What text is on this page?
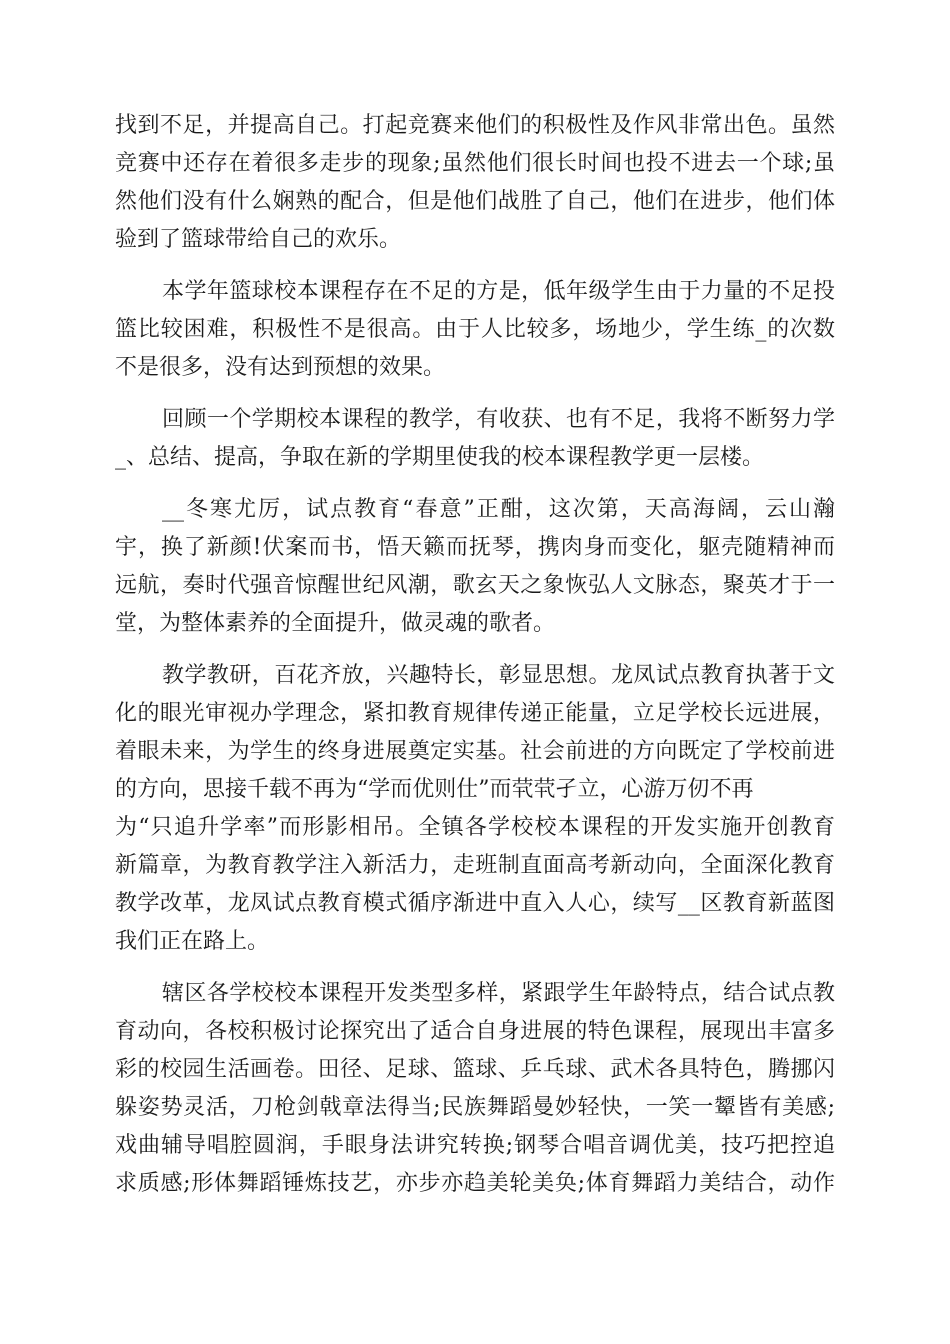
找到不足，并提高自己。打起竞赛来他们的积极性及作风非常出色。虽然
竞赛中还存在着很多走步的现象;虽然他们很长时间也投不进去一个球;虽
然他们没有什么娴熟的配合，但是他们战胜了自己，他们在进步，他们体
验到了篮球带给自己的欢乐。

本学年篮球校本课程存在不足的方是，低年级学生由于力量的不足投
篮比较困难，积极性不是很高。由于人比较多，场地少，学生练_的次数
不是很多，没有达到预想的效果。

回顾一个学期校本课程的教学，有收获、也有不足，我将不断努力学
_、总结、提高，争取在新的学期里使我的校本课程教学更一层楼。

__冬寒尤厉，试点教育“春意”正酣，这次第，天高海阔，云山瀚
宇，换了新颜!伏案而书，悟天籁而抚琴，携肉身而变化，躯壳随精神而
远航，奏时代强音惊醒世纪风潮，歌玄天之象恢弘人文脉态，聚英才于一
堂，为整体素养的全面提升，做灵魂的歌者。

教学教研，百花齐放，兴趣特长，彰显思想。龙凤试点教育执著于文
化的眼光审视办学理念，紧扣教育规律传递正能量，立足学校长远进展，
着眼未来，为学生的终身进展奠定实基。社会前进的方向既定了学校前进
的方向，思接千载不再为“学而优则仕”而茕茕孑立，心游万仞不再
为“只追升学率”而形影相吊。全镇各学校校本课程的开发实施开创教育
新篇章，为教育教学注入新活力，走班制直面高考新动向，全面深化教育
教学改革，龙凤试点教育模式循序渐进中直入人心，续写__区教育新蓝图
我们正在路上。

辖区各学校校本课程开发类型多样，紧跟学生年龄特点，结合试点教
育动向，各校积极讨论探究出了适合自身进展的特色课程，展现出丰富多
彩的校园生活画卷。田径、足球、篮球、乒乓球、武术各具特色，腾挪闪
躲姿势灵活，刀枪剑戟章法得当;民族舞蹈曼妙轻快，一笑一颦皆有美感;
戏曲辅导唱腔圆润，手眼身法讲究转换;钢琴合唱音调优美，技巧把控追
求质感;形体舞蹈锤炼技艺，亦步亦趋美轮美奂;体育舞蹈力美结合，动作
